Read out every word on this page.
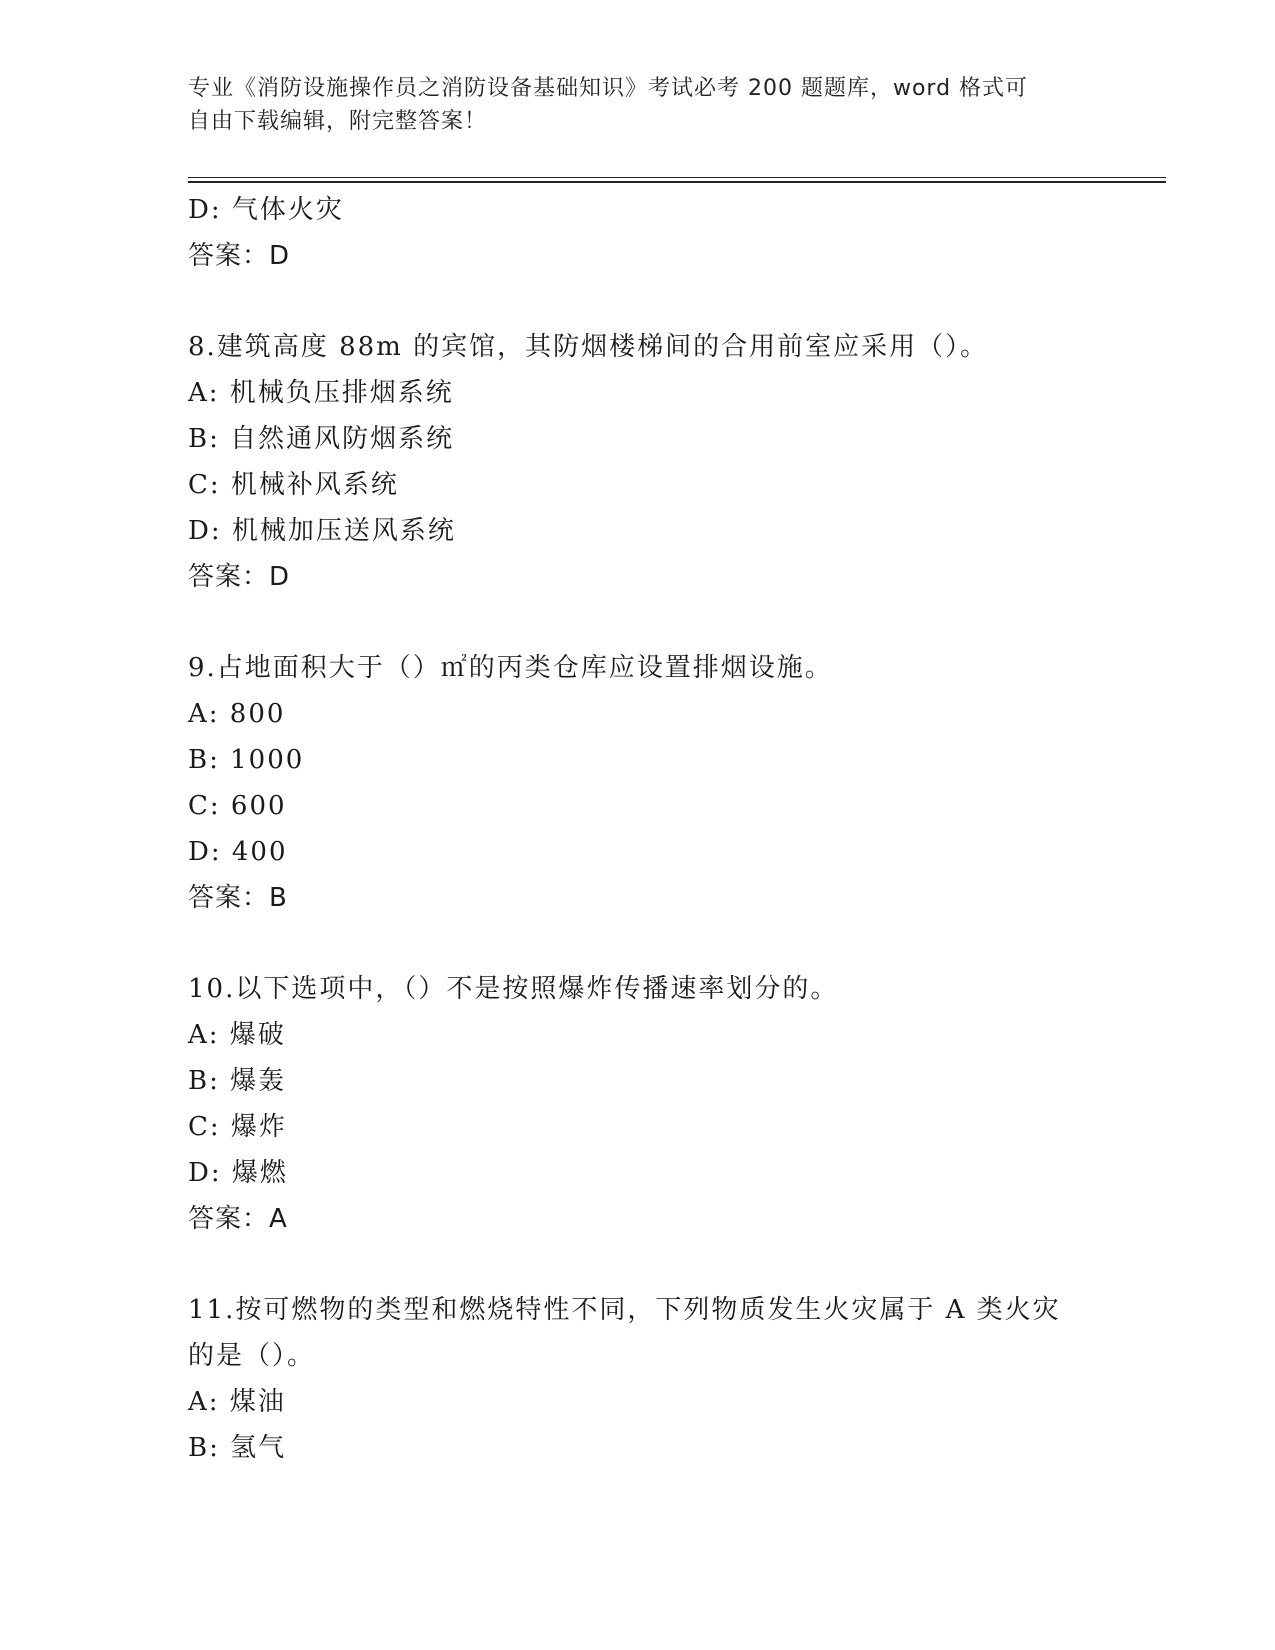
专业《消防设施操作员之消防设备基础知识》考试必考 200 题题库，word 格式可
自由下载编辑，附完整答案！
D: 气体火灾
答案：D
8.建筑高度 88m 的宾馆，其防烟楼梯间的合用前室应采用（）。
A: 机械负压排烟系统
B: 自然通风防烟系统
C: 机械补风系统
D: 机械加压送风系统
答案：D
9.占地面积大于（）㎡的丙类仓库应设置排烟设施。
A: 800
B: 1000
C: 600
D: 400
答案：B
10.以下选项中，（）不是按照爆炸传播速率划分的。
A: 爆破
B: 爆轰
C: 爆炸
D: 爆燃
答案：A
11.按可燃物的类型和燃烧特性不同，下列物质发生火灾属于 A 类火灾
的是（）。
A: 煤油
B: 氢气
